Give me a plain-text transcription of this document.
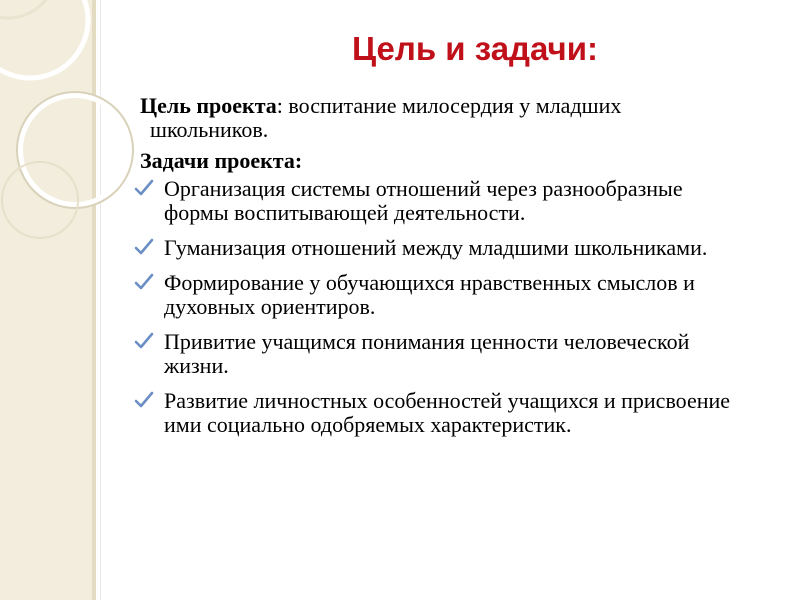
Цель и задачи:
Цель проекта: воспитание милосердия у младших
школьников.
Задачи проекта:
Организация системы отношений через разнообразные формы воспитывающей деятельности.
Гуманизация отношений между младшими школьниками.
Формирование у обучающихся нравственных смыслов и духовных ориентиров.
Привитие учащимся понимания ценности человеческой жизни.
Развитие личностных особенностей учащихся и присвоение ими социально одобряемых характеристик.
